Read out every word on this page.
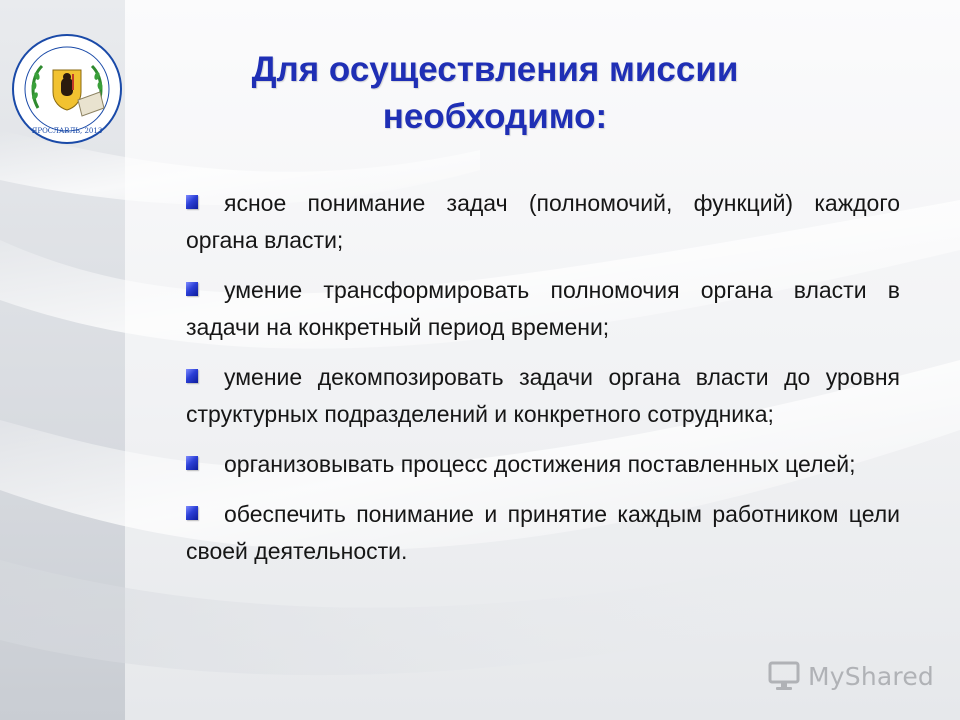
ЯРОСЛАВЛЬ, 2013
Для осуществления миссии необходимо:
ясное понимание задач (полномочий, функций) каждого органа власти;
умение трансформировать полномочия органа власти в задачи на конкретный период времени;
умение декомпозировать задачи органа власти до уровня структурных подразделений и конкретного сотрудника;
организовывать процесс достижения поставленных целей;
обеспечить понимание и принятие каждым работником цели своей деятельности.
MyShared
